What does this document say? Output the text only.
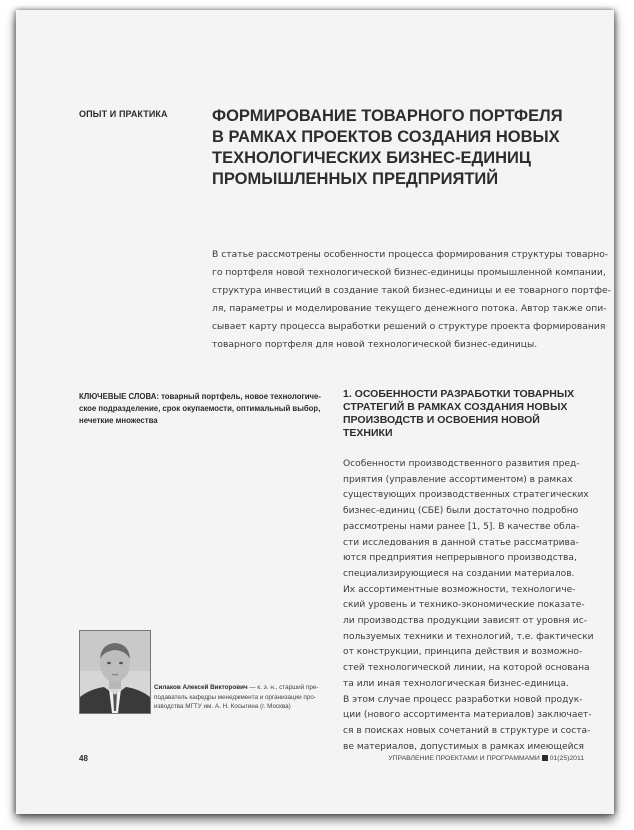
ОПЫТ И ПРАКТИКА	ФОРМИРОВАНИЕ ТОВАРНОГО ПОРТФЕЛЯ
В РАМКАХ ПРОЕКТОВ СОЗДАНИЯ НОВЫХ
ТЕХНОЛОГИЧЕСКИХ БИЗНЕС-ЕДИНИЦ
ПРОМЫШЛЕННЫХ ПРЕДПРИЯТИЙ
В статье рассмотрены особенности процесса формирования структуры товарно-
го портфеля новой технологической бизнес-единицы промышленной компании,
структура инвестиций в создание такой бизнес-единицы и ее товарного портфе-
ля, параметры и моделирование текущего денежного потока. Автор также опи-
сывает карту процесса выработки решений о структуре проекта формирования
товарного портфеля для новой технологической бизнес-единицы.
КЛЮЧЕВЫЕ СЛОВА: товарный портфель, новое технологиче-
ское подразделение, срок окупаемости, оптимальный выбор,
нечеткие множества
1. ОСОБЕННОСТИ РАЗРАБОТКИ ТОВАРНЫХ
СТРАТЕГИЙ В РАМКАХ СОЗДАНИЯ НОВЫХ
ПРОИЗВОДСТВ И ОСВОЕНИЯ НОВОЙ
ТЕХНИКИ
Особенности производственного развития пред-
приятия (управление ассортиментом) в рамках
существующих производственных стратегических
бизнес-единиц (СБЕ) были достаточно подробно
рассмотрены нами ранее [1, 5]. В качестве обла-
сти исследования в данной статье рассматрива-
ются предприятия непрерывного производства,
специализирующиеся на создании материалов.
Их ассортиментные возможности, технологиче-
ский уровень и технико-экономические показате-
ли производства продукции зависят от уровня ис-
пользуемых техники и технологий, т.е. фактически
от конструкции, принципа действия и возможно-
стей технологической линии, на которой основана
та или иная технологическая бизнес-единица.
В этом случае процесс разработки новой продук-
ции (нового ассортимента материалов) заключает-
ся в поисках новых сочетаний в структуре и соста-
ве материалов, допустимых в рамках имеющейся
Силаков Алексей Викторович — к. э. н., старший пре-
подаватель кафедры менеджмента и организации про-
изводства МГТУ им. А. Н. Косыгина (г. Москва)
48	УПРАВЛЕНИЕ ПРОЕКТАМИ И ПРОГРАММАМИ 01(25)2011
